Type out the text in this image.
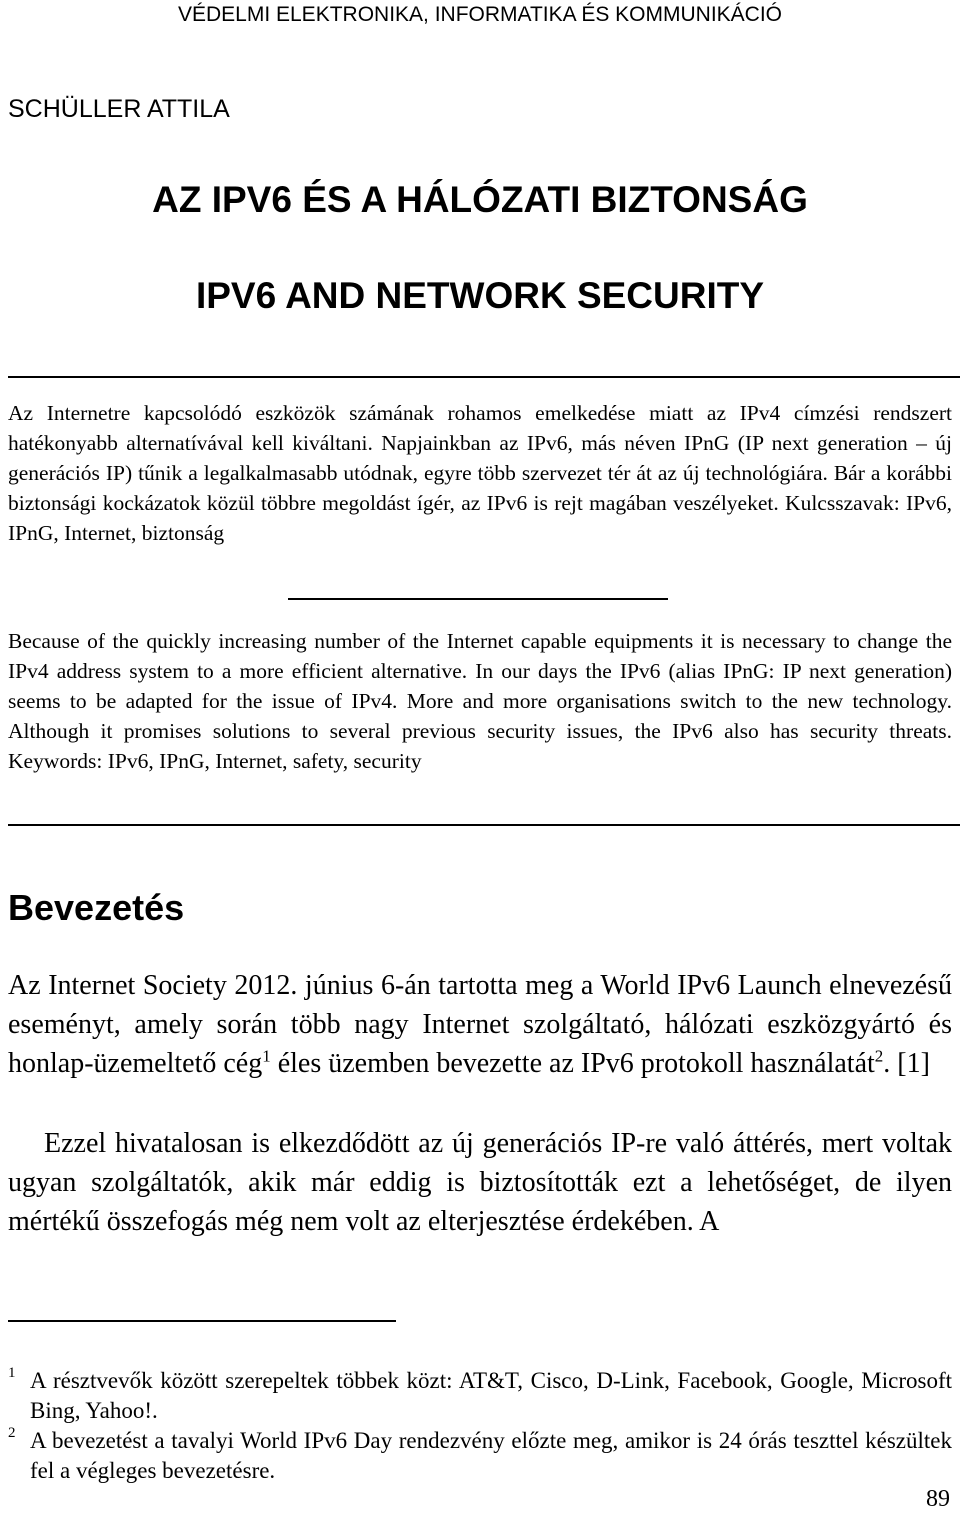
VÉDELMI ELEKTRONIKA, INFORMATIKA ÉS KOMMUNIKÁCIÓ
SCHÜLLER ATTILA
AZ IPV6 ÉS A HÁLÓZATI BIZTONSÁG
IPV6 AND NETWORK SECURITY

Az Internetre kapcsolódó eszközök számának rohamos emelkedése miatt az IPv4 címzési rendszert hatékonyabb alternatívával kell kiváltani. Napjainkban az IPv6, más néven IPnG (IP next generation – új generációs IP) tűnik a legalkalmasabb utódnak, egyre több szervezet tér át az új technológiára. Bár a korábbi biztonsági kockázatok közül többre megoldást ígér, az IPv6 is rejt magában veszélyeket. Kulcsszavak: IPv6, IPnG, Internet, biztonság

Because of the quickly increasing number of the Internet capable equipments it is necessary to change the IPv4 address system to a more efficient alternative. In our days the IPv6 (alias IPnG: IP next generation) seems to be adapted for the issue of IPv4. More and more organisations switch to the new technology. Although it promises solutions to several previous security issues, the IPv6 also has security threats. Keywords: IPv6, IPnG, Internet, safety, security

Bevezetés

Az Internet Society 2012. június 6-án tartotta meg a World IPv6 Launch elnevezésű eseményt, amely során több nagy Internet szolgáltató, hálózati eszközgyártó és honlap-üzemeltető cég$^1$ éles üzemben bevezette az IPv6 protokoll használatát$^2$. [1]

Ezzel hivatalosan is elkezdődött az új generációs IP-re való áttérés, mert voltak ugyan szolgáltatók, akik már eddig is biztosították ezt a lehetőséget, de ilyen mértékű összefogás még nem volt az elterjesztése érdekében. A

1 A résztvevők között szerepeltek többek közt: AT&T, Cisco, D-Link, Facebook, Google, Microsoft Bing, Yahoo!.
2 A bevezetést a tavalyi World IPv6 Day rendezvény előzte meg, amikor is 24 órás teszttel készültek fel a végleges bevezetésre.
89
